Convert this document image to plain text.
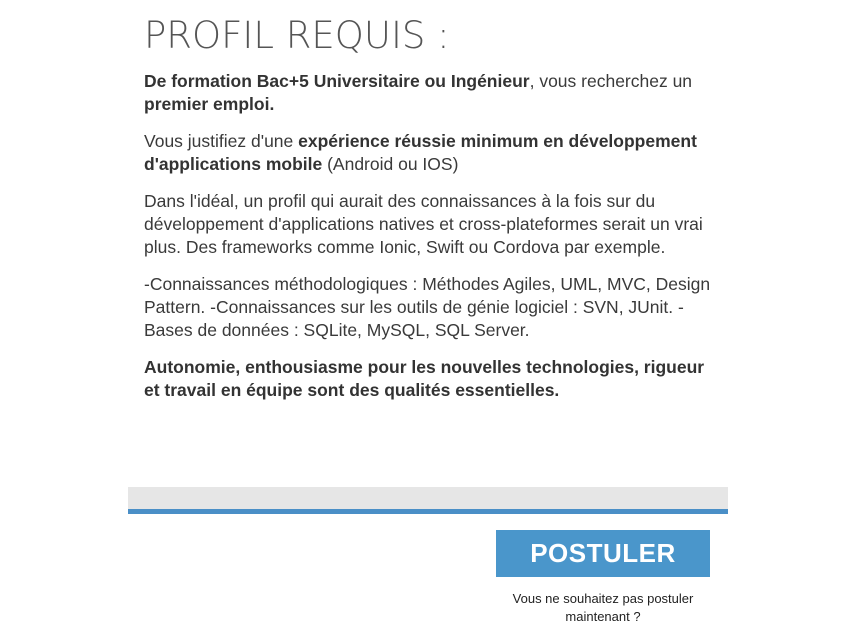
PROFIL REQUIS :

De formation Bac+5 Universitaire ou Ingénieur, vous recherchez un premier emploi.

Vous justifiez d'une expérience réussie minimum en développement d'applications mobile (Android ou IOS)

Dans l'idéal, un profil qui aurait des connaissances à la fois sur du développement d'applications natives et cross-plateformes serait un vrai plus. Des frameworks comme Ionic, Swift ou Cordova par exemple.

-Connaissances méthodologiques : Méthodes Agiles, UML, MVC, Design Pattern. -Connaissances sur les outils de génie logiciel : SVN, JUnit. -Bases de données : SQLite, MySQL, SQL Server.

Autonomie, enthousiasme pour les nouvelles technologies, rigueur et travail en équipe sont des qualités essentielles.

POSTULER
Vous ne souhaitez pas postuler maintenant ?
